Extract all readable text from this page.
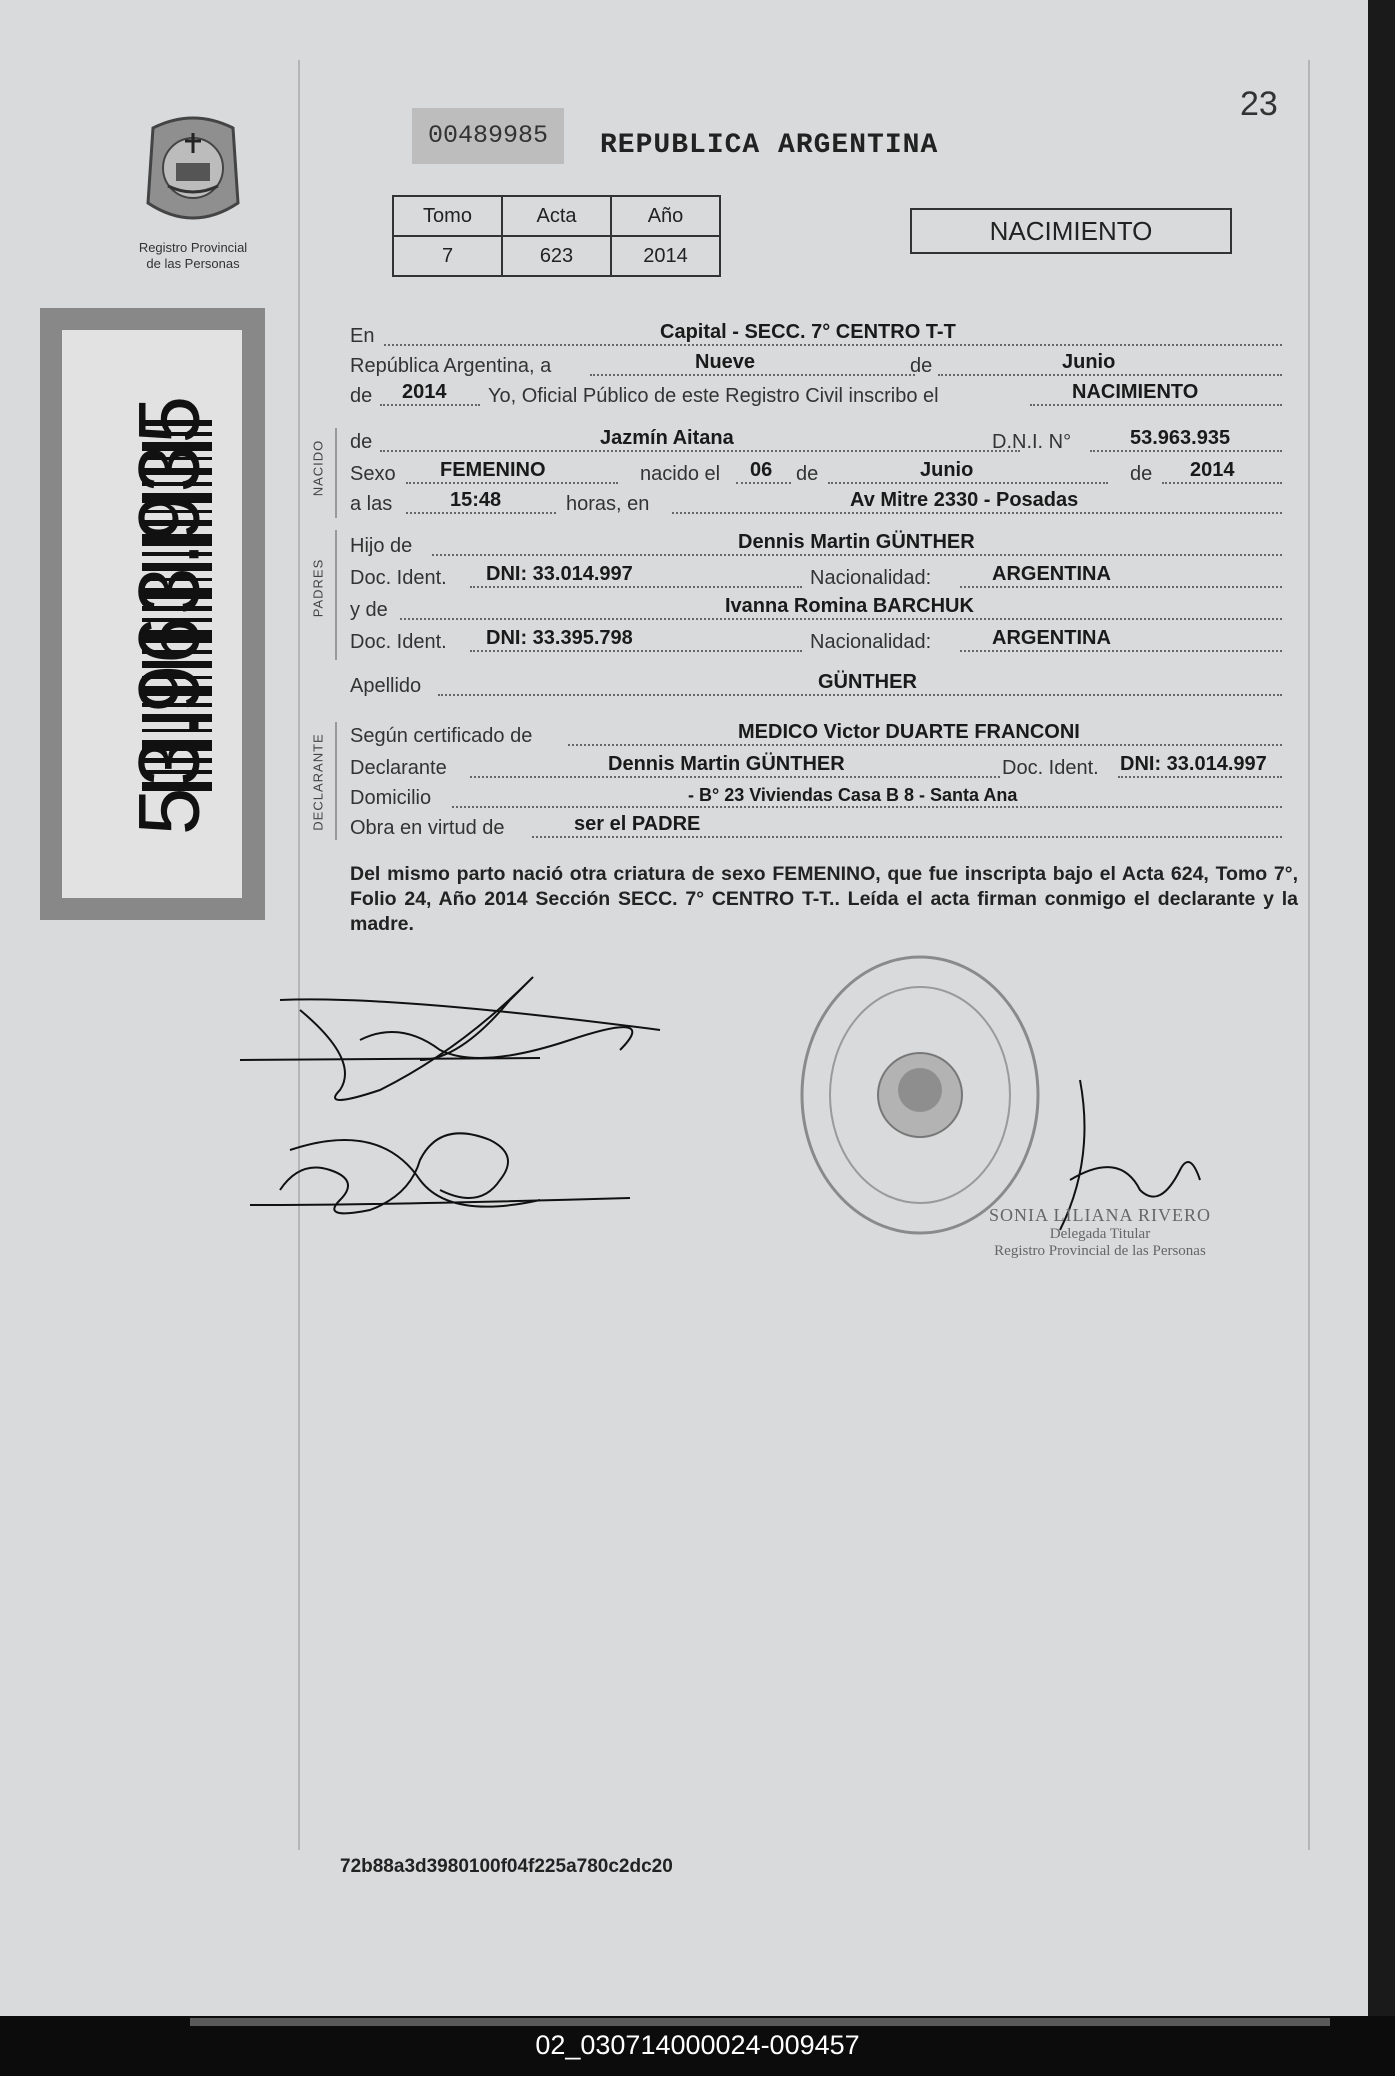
Registro Provincial
de las Personas
53.963.935
00489985	REPUBLICA ARGENTINA
23
Tomo	Acta	Año
7	623	2014
NACIMIENTO
NACIDO
PADRES
DECLARANTE
En	Capital - SECC. 7° CENTRO T-T
República Argentina, a	Nueve	de	Junio
de 2014 Yo, Oficial Público de este Registro Civil inscribo el	NACIMIENTO
de	Jazmín Aitana	D.N.I. N°	53.963.935
Sexo FEMENINO	nacido el 06 de	Junio	de 2014
a las	15:48	horas, en	Av Mitre 2330 - Posadas
Hijo de	Dennis Martin GÜNTHER
Doc. Ident. DNI: 33.014.997	Nacionalidad:	ARGENTINA
y de	Ivanna Romina BARCHUK
Doc. Ident. DNI: 33.395.798	Nacionalidad:	ARGENTINA
Apellido	GÜNTHER
Según certificado de	MEDICO Victor DUARTE FRANCONI
Declarante	Dennis Martin GÜNTHER	Doc. Ident. DNI: 33.014.997
Domicilio	- B° 23 Viviendas Casa B 8 - Santa Ana
Obra en virtud de	ser el PADRE
Del mismo parto nació otra criatura de sexo FEMENINO, que fue inscripta bajo el Acta 624, Tomo 7°, Folio 24, Año 2014 Sección SECC. 7° CENTRO T-T.. Leída el acta firman conmigo el declarante y la madre.
SONIA LILIANA RIVERO
Delegada Titular
Registro Provincial de las Personas
72b88a3d3980100f04f225a780c2dc20
02_030714000024-009457
